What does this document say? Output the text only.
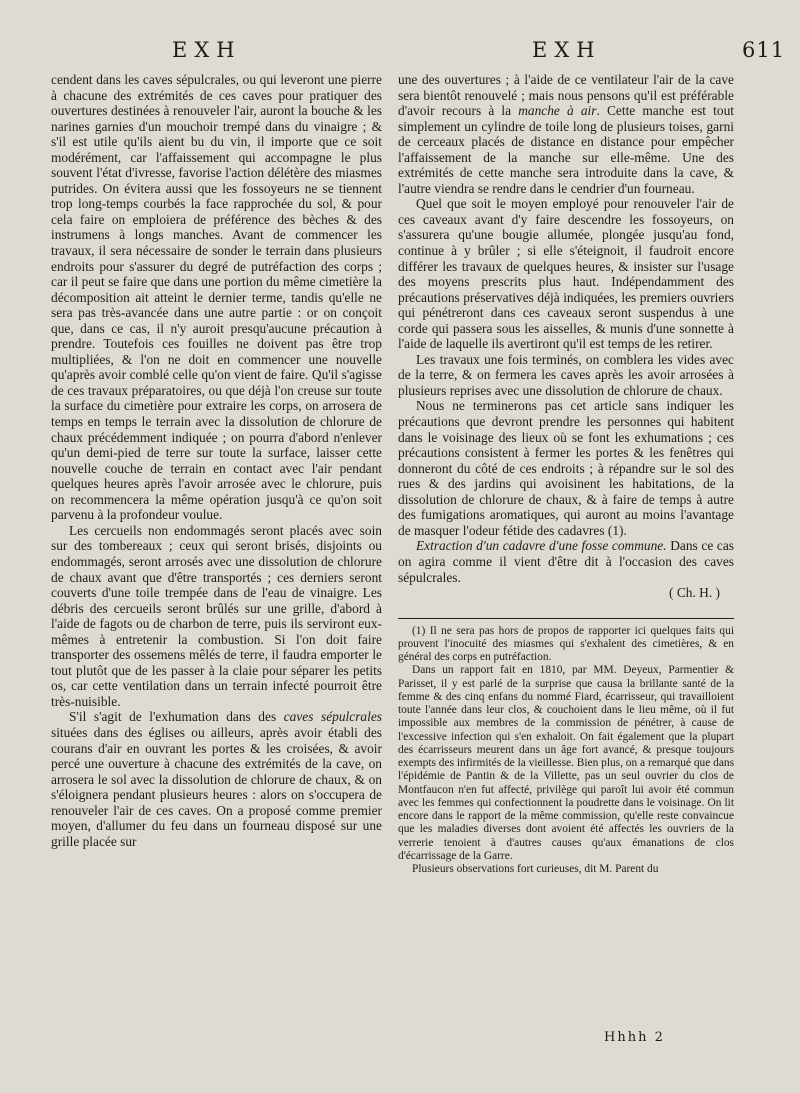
EXH	EXH	611

cendent dans les caves sépulcrales, ou qui leveront une pierre à chacune des extrémités de ces caves pour pratiquer des ouvertures destinées à renouveler l'air, auront la bouche & les narines garnies d'un mouchoir trempé dans du vinaigre ; & s'il est utile qu'ils aient bu du vin, il importe que ce soit modérément, car l'affaissement qui accompagne le plus souvent l'état d'ivresse, favorise l'action délétère des miasmes putrides. On évitera aussi que les fossoyeurs ne se tiennent trop long-temps courbés la face rapprochée du sol, & pour cela faire on emploiera de préférence des bèches & des instrumens à longs manches. Avant de commencer les travaux, il sera nécessaire de sonder le terrain dans plusieurs endroits pour s'assurer du degré de putréfaction des corps ; car il peut se faire que dans une portion du même cimetière la décomposition ait atteint le dernier terme, tandis qu'elle ne sera pas très-avancée dans une autre partie : or on conçoit que, dans ce cas, il n'y auroit presqu'aucune précaution à prendre. Toutefois ces fouilles ne doivent pas être trop multipliées, & l'on ne doit en commencer une nouvelle qu'après avoir comblé celle qu'on vient de faire. Qu'il s'agisse de ces travaux préparatoires, ou que déjà l'on creuse sur toute la surface du cimetière pour extraire les corps, on arrosera de temps en temps le terrain avec la dissolution de chlorure de chaux précédemment indiquée ; on pourra d'abord n'enlever qu'un demi-pied de terre sur toute la surface, laisser cette nouvelle couche de terrain en contact avec l'air pendant quelques heures après l'avoir arrosée avec le chlorure, puis on recommencera la même opération jusqu'à ce qu'on soit parvenu à la profondeur voulue.

Les cercueils non endommagés seront placés avec soin sur des tombereaux ; ceux qui seront brisés, disjoints ou endommagés, seront arrosés avec une dissolution de chlorure de chaux avant que d'être transportés ; ces derniers seront couverts d'une toile trempée dans de l'eau de vinaigre. Les débris des cercueils seront brûlés sur une grille, d'abord à l'aide de fagots ou de charbon de terre, puis ils serviront eux-mêmes à entretenir la combustion. Si l'on doit faire transporter des ossemens mêlés de terre, il faudra emporter le tout plutôt que de les passer à la claie pour séparer les petits os, car cette ventilation dans un terrain infecté pourroit être très-nuisible.

S'il s'agit de l'exhumation dans des caves sépulcrales situées dans des églises ou ailleurs, après avoir établi des courans d'air en ouvrant les portes & les croisées, & avoir percé une ouverture à chacune des extrémités de la cave, on arrosera le sol avec la dissolution de chlorure de chaux, & on s'éloignera pendant plusieurs heures : alors on s'occupera de renouveler l'air de ces caves. On a proposé comme premier moyen, d'allumer du feu dans un fourneau disposé sur une grille placée sur

une des ouvertures ; à l'aide de ce ventilateur l'air de la cave sera bientôt renouvelé ; mais nous pensons qu'il est préférable d'avoir recours à la manche à air. Cette manche est tout simplement un cylindre de toile long de plusieurs toises, garni de cerceaux placés de distance en distance pour empêcher l'affaissement de la manche sur elle-même. Une des extrémités de cette manche sera introduite dans la cave, & l'autre viendra se rendre dans le cendrier d'un fourneau.

Quel que soit le moyen employé pour renouveler l'air de ces caveaux avant d'y faire descendre les fossoyeurs, on s'assurera qu'une bougie allumée, plongée jusqu'au fond, continue à y brûler ; si elle s'éteignoit, il faudroit encore différer les travaux de quelques heures, & insister sur l'usage des moyens prescrits plus haut. Indépendamment des précautions préservatives déjà indiquées, les premiers ouvriers qui pénétreront dans ces caveaux seront suspendus à une corde qui passera sous les aisselles, & munis d'une sonnette à l'aide de laquelle ils avertiront qu'il est temps de les retirer.

Les travaux une fois terminés, on comblera les vides avec de la terre, & on fermera les caves après les avoir arrosées à plusieurs reprises avec une dissolution de chlorure de chaux.

Nous ne terminerons pas cet article sans indiquer les précautions que devront prendre les personnes qui habitent dans le voisinage des lieux où se font les exhumations ; ces précautions consistent à fermer les portes & les fenêtres qui donneront du côté de ces endroits ; à répandre sur le sol des rues & des jardins qui avoisinent les habitations, de la dissolution de chlorure de chaux, & à faire de temps à autre des fumigations aromatiques, qui auront au moins l'avantage de masquer l'odeur fétide des cadavres (1).

Extraction d'un cadavre d'une fosse commune. Dans ce cas on agira comme il vient d'être dit à l'occasion des caves sépulcrales.

( Ch. H. )

(1) Il ne sera pas hors de propos de rapporter ici quelques faits qui prouvent l'inocuité des miasmes qui s'exhalent des cimetières, & en général des corps en putréfaction.

Dans un rapport fait en 1810, par MM. Deyeux, Parmentier & Parisset, il y est parlé de la surprise que causa la brillante santé de la femme & des cinq enfans du nommé Fiard, écarrisseur, qui travailloient toute l'année dans leur clos, & couchoient dans le lieu même, où il fut impossible aux membres de la commission de pénétrer, à cause de l'excessive infection qui s'en exhaloit. On fait également que la plupart des écarrisseurs meurent dans un âge fort avancé, & presque toujours exempts des infirmités de la vieillesse. Bien plus, on a remarqué que dans l'épidémie de Pantin & de la Villette, pas un seul ouvrier du clos de Montfaucon n'en fut affecté, privilège qui paroît lui avoir été commun avec les femmes qui confectionnent la poudrette dans le voisinage. On lit encore dans le rapport de la même commission, qu'elle reste convaincue que les maladies diverses dont avoient été affectés les ouvriers de la verrerie tenoient à d'autres causes qu'aux émanations de clos d'écarrissage de la Garre.

Plusieurs observations fort curieuses, dit M. Parent du

Hhhh 2
